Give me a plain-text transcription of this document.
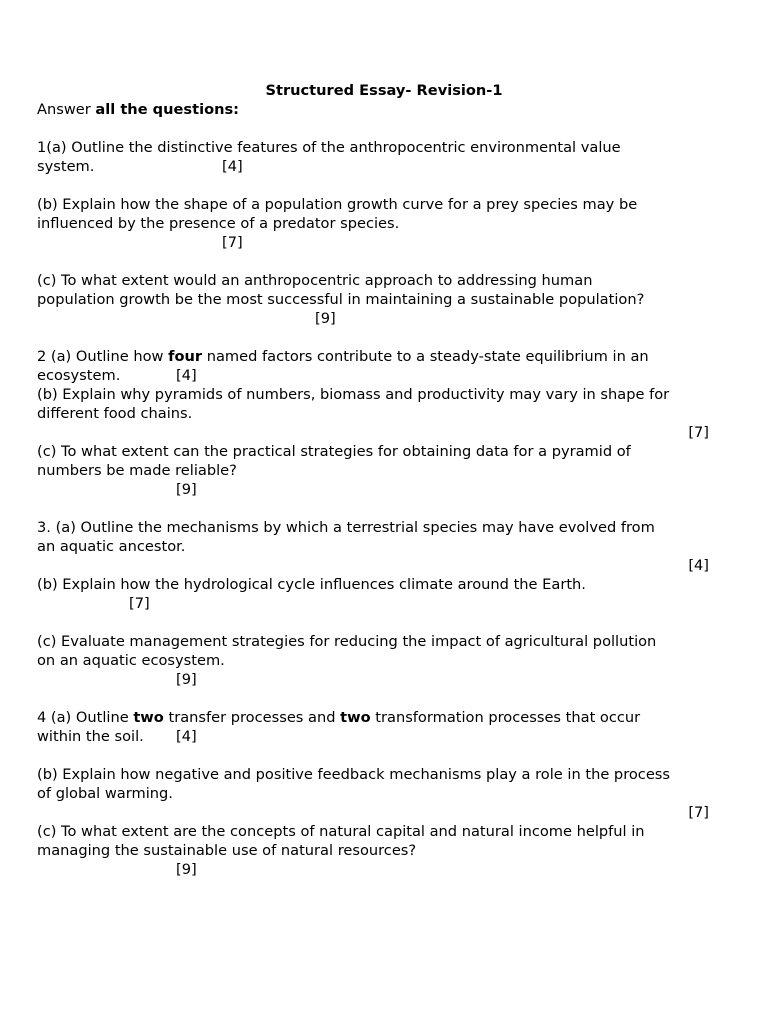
Structured Essay- Revision-1
Answer all the questions:
1(a) Outline the distinctive features of the anthropocentric environmental value
system.	[4]
(b) Explain how the shape of a population growth curve for a prey species may be
influenced by the presence of a predator species.
[7]
(c) To what extent would an anthropocentric approach to addressing human
population growth be the most successful in maintaining a sustainable population?
[9]
2 (a) Outline how four named factors contribute to a steady-state equilibrium in an
ecosystem.	[4]
(b) Explain why pyramids of numbers, biomass and productivity may vary in shape for
different food chains.
[7]
(c) To what extent can the practical strategies for obtaining data for a pyramid of
numbers be made reliable?
[9]
3. (a) Outline the mechanisms by which a terrestrial species may have evolved from
an aquatic ancestor.
[4]
(b) Explain how the hydrological cycle influences climate around the Earth.
[7]
(c) Evaluate management strategies for reducing the impact of agricultural pollution
on an aquatic ecosystem.
[9]
4 (a) Outline two transfer processes and two transformation processes that occur
within the soil. [4]
(b) Explain how negative and positive feedback mechanisms play a role in the process
of global warming.
[7]
(c) To what extent are the concepts of natural capital and natural income helpful in
managing the sustainable use of natural resources?
[9]
